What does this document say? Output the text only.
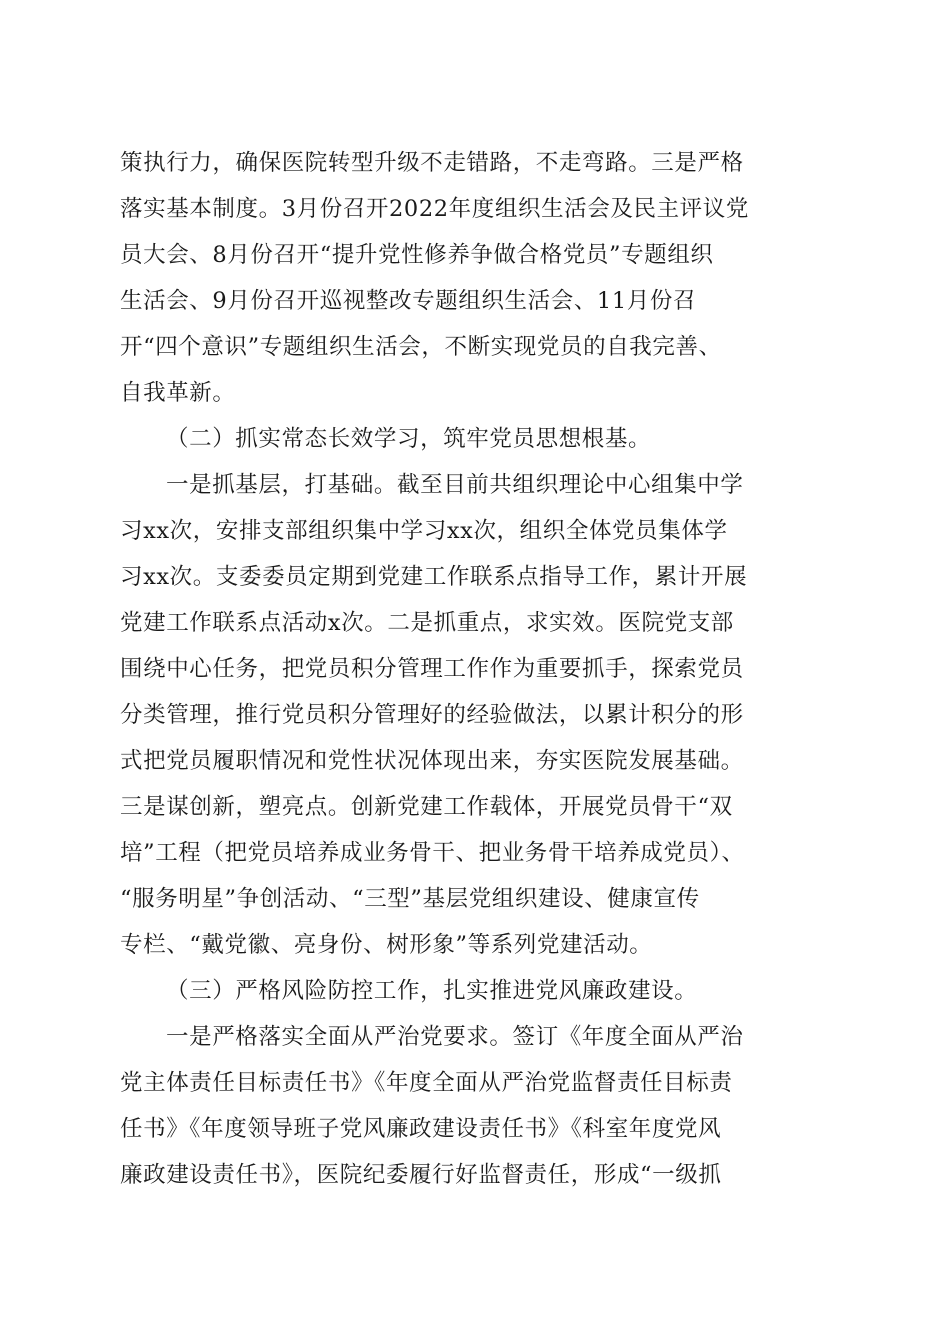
策执行力，确保医院转型升级不走错路，不走弯路。三是严格
落实基本制度。3月份召开2022年度组织生活会及民主评议党
员大会、8月份召开“提升党性修养争做合格党员”专题组织
生活会、9月份召开巡视整改专题组织生活会、11月份召
开“四个意识”专题组织生活会，不断实现党员的自我完善、
自我革新。
（二）抓实常态长效学习，筑牢党员思想根基。
一是抓基层，打基础。截至目前共组织理论中心组集中学
习xx次，安排支部组织集中学习xx次，组织全体党员集体学
习xx次。支委委员定期到党建工作联系点指导工作，累计开展
党建工作联系点活动x次。二是抓重点，求实效。医院党支部
围绕中心任务，把党员积分管理工作作为重要抓手，探索党员
分类管理，推行党员积分管理好的经验做法，以累计积分的形
式把党员履职情况和党性状况体现出来，夯实医院发展基础。
三是谋创新，塑亮点。创新党建工作载体，开展党员骨干“双
培”工程（把党员培养成业务骨干、把业务骨干培养成党员）、
“服务明星”争创活动、“三型”基层党组织建设、健康宣传
专栏、“戴党徽、亮身份、树形象”等系列党建活动。
（三）严格风险防控工作，扎实推进党风廉政建设。
一是严格落实全面从严治党要求。签订《年度全面从严治
党主体责任目标责任书》《年度全面从严治党监督责任目标责
任书》《年度领导班子党风廉政建设责任书》《科室年度党风
廉政建设责任书》，医院纪委履行好监督责任，形成“一级抓
